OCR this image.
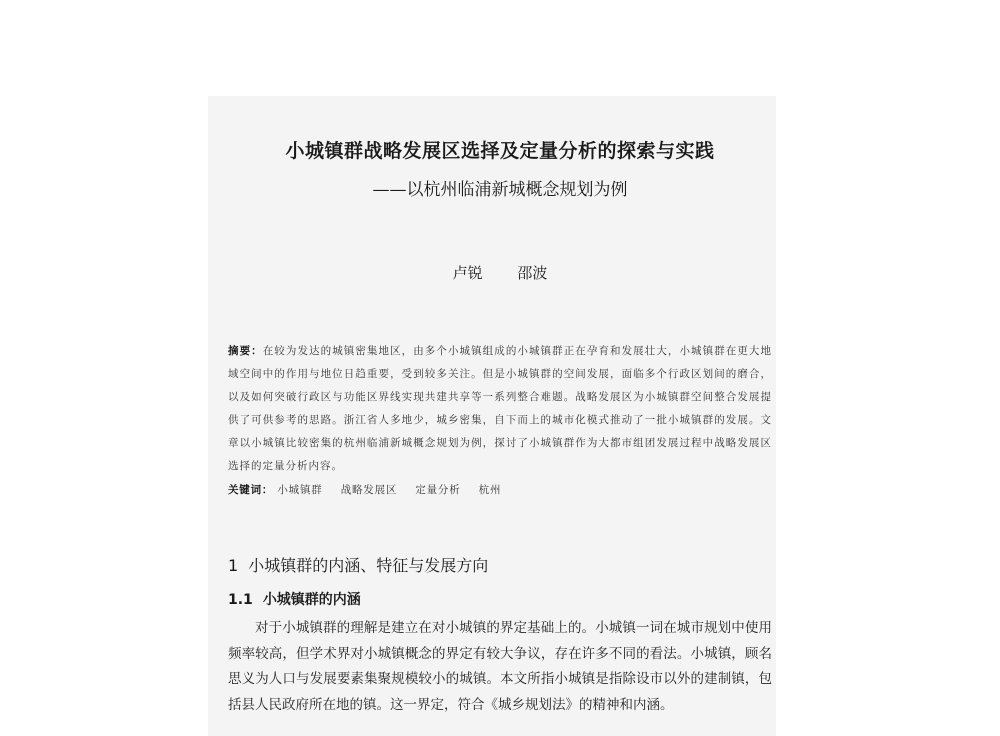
小城镇群战略发展区选择及定量分析的探索与实践
——以杭州临浦新城概念规划为例
卢锐 邵波
摘要：在较为发达的城镇密集地区，由多个小城镇组成的小城镇群正在孕育和发展壮大，小城镇群在更大地域空间中的作用与地位日趋重要，受到较多关注。但是小城镇群的空间发展，面临多个行政区划间的磨合，以及如何突破行政区与功能区界线实现共建共享等一系列整合难题。战略发展区为小城镇群空间整合发展提供了可供参考的思路。浙江省人多地少，城乡密集，自下而上的城市化模式推动了一批小城镇群的发展。文章以小城镇比较密集的杭州临浦新城概念规划为例，探讨了小城镇群作为大都市组团发展过程中战略发展区选择的定量分析内容。
关键词： 小城镇群 战略发展区 定量分析 杭州
1 小城镇群的内涵、特征与发展方向
1.1 小城镇群的内涵

对于小城镇群的理解是建立在对小城镇的界定基础上的。小城镇一词在城市规划中使用频率较高，但学术界对小城镇概念的界定有较大争议，存在许多不同的看法。小城镇，顾名思义为人口与发展要素集聚规模较小的城镇。本文所指小城镇是指除设市以外的建制镇，包括县人民政府所在地的镇。这一界定，符合《城乡规划法》的精神和内涵。
